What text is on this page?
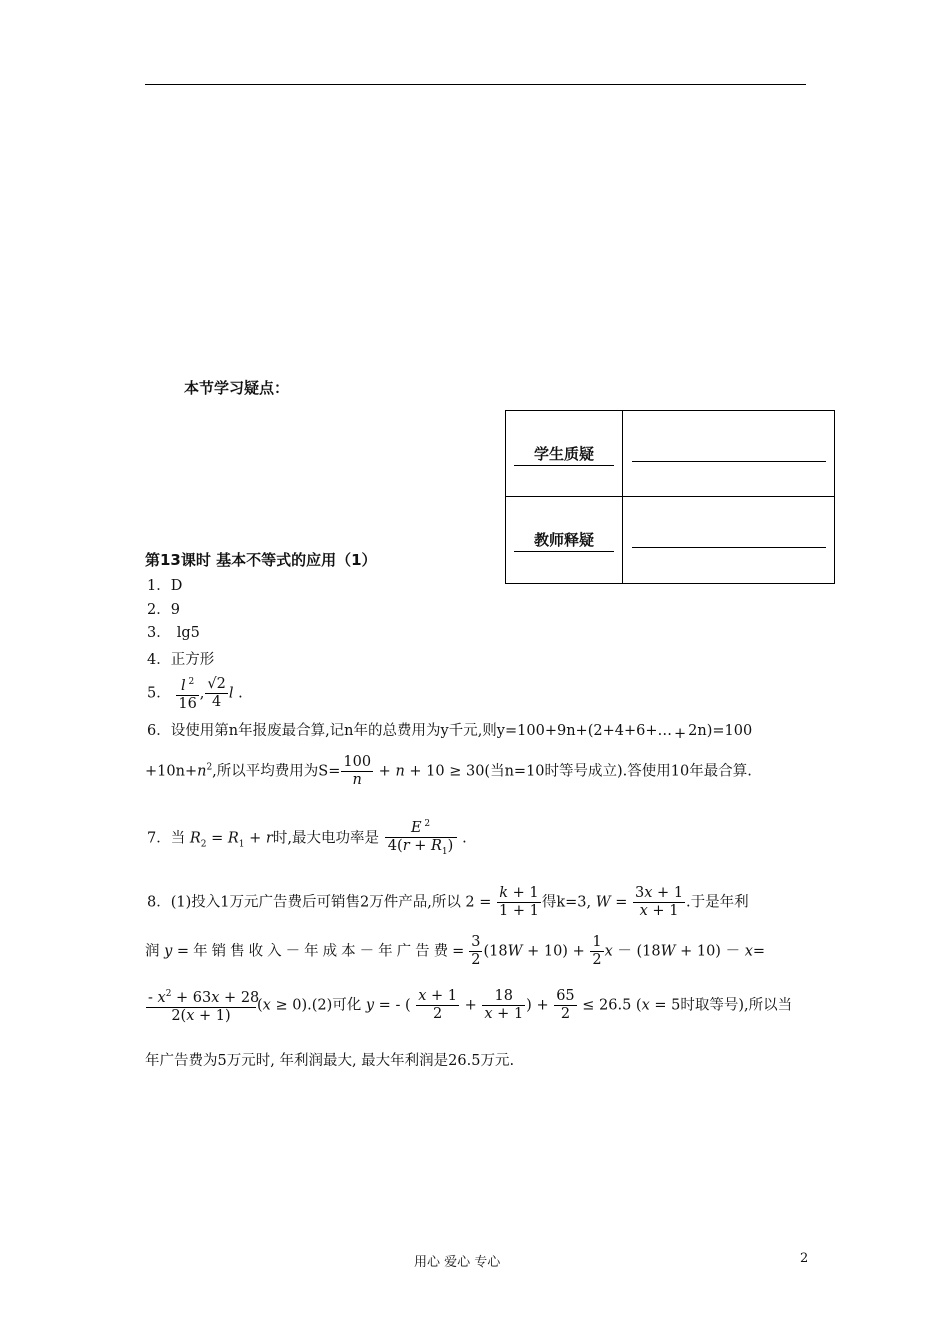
本节学习疑点：
学生质疑	

教师释疑	

第13课时 基本不等式的应用（1）
1．D
2．9
3． lg5
4．正方形
5． $\frac{l ^2}{16}$ , $\frac{√2}{4}$ l .
6．设使用第n年报废最合算,记n年的总费用为y千元,则y=100+9n+(2+4+6+… + 2n)=100
$+10n+n^2$,所以平均费用为$S= \frac{100}{n} + n + 10 \ge 30$(当n=10时等号成立).答使用10年最合算.
7．当 $R_2 = R_1 + r$时,最大电功率是 $\frac{E ^2}{4(r + R_1)}$ .
8．(1)投入1万元广告费后可销售2万件产品,所以 $2 = \frac{k + 1}{1 + 1}$ 得k=3, $W = \frac{3x + 1}{x + 1}$ .于是年利
润 y =年销售收入－年成本－年广告费= $\frac{3}{2} (18W + 10) + \frac{1}{2}$ x － (18W + 10) － x=
$\frac{- x^2 + 63x + 28}{2(x + 1)} (x \ge 0).(2)$可化 y = - ( $\frac{x + 1}{2} + \frac{18}{x + 1}$ ) + $\frac{65}{2} \le 26.5$ (x = 5时取等号),所以当
年广告费为5万元时, 年利润最大, 最大年利润是26.5万元.
用心 爱心 专心	2
